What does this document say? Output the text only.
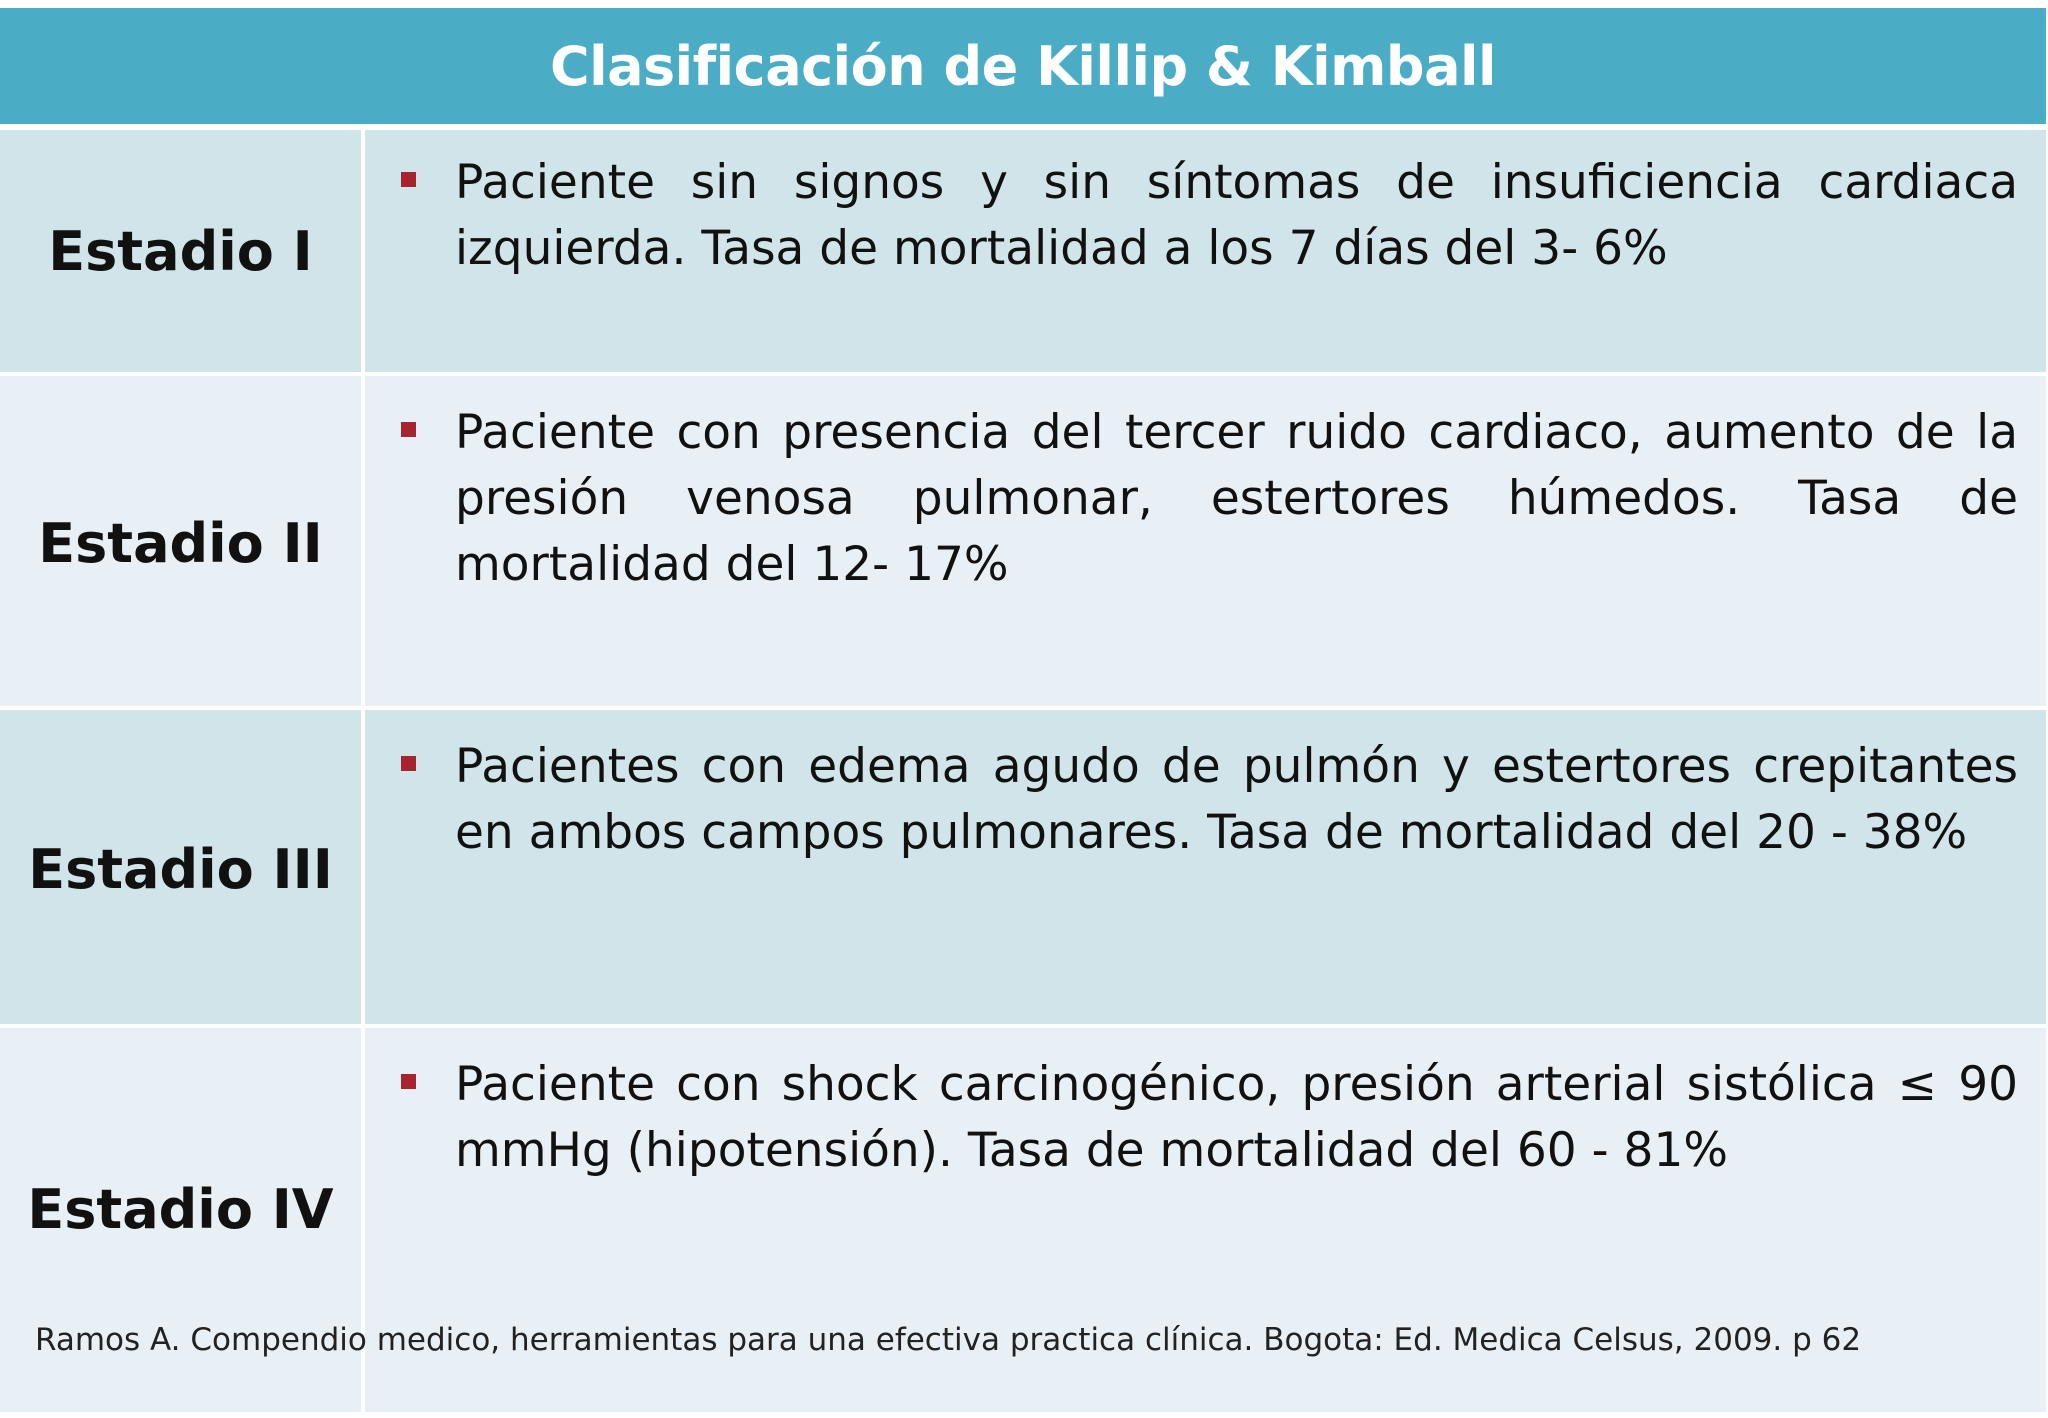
Clasificación de Killip & Kimball
Estadio I

Paciente sin signos y sin síntomas de insuficiencia cardiaca izquierda. Tasa de mortalidad a los 7 días del 3- 6%

Estadio II

Paciente con presencia del tercer ruido cardiaco, aumento de la presión venosa pulmonar, estertores húmedos. Tasa de mortalidad del 12- 17%

Estadio III

Pacientes con edema agudo de pulmón y estertores crepitantes en ambos campos pulmonares. Tasa de mortalidad del 20 - 38%

Estadio IV

Paciente con shock carcinogénico, presión arterial sistólica ≤ 90 mmHg (hipotensión). Tasa de mortalidad del 60 - 81%

Ramos A. Compendio medico, herramientas para una efectiva practica clínica. Bogota: Ed. Medica Celsus, 2009. p 62
